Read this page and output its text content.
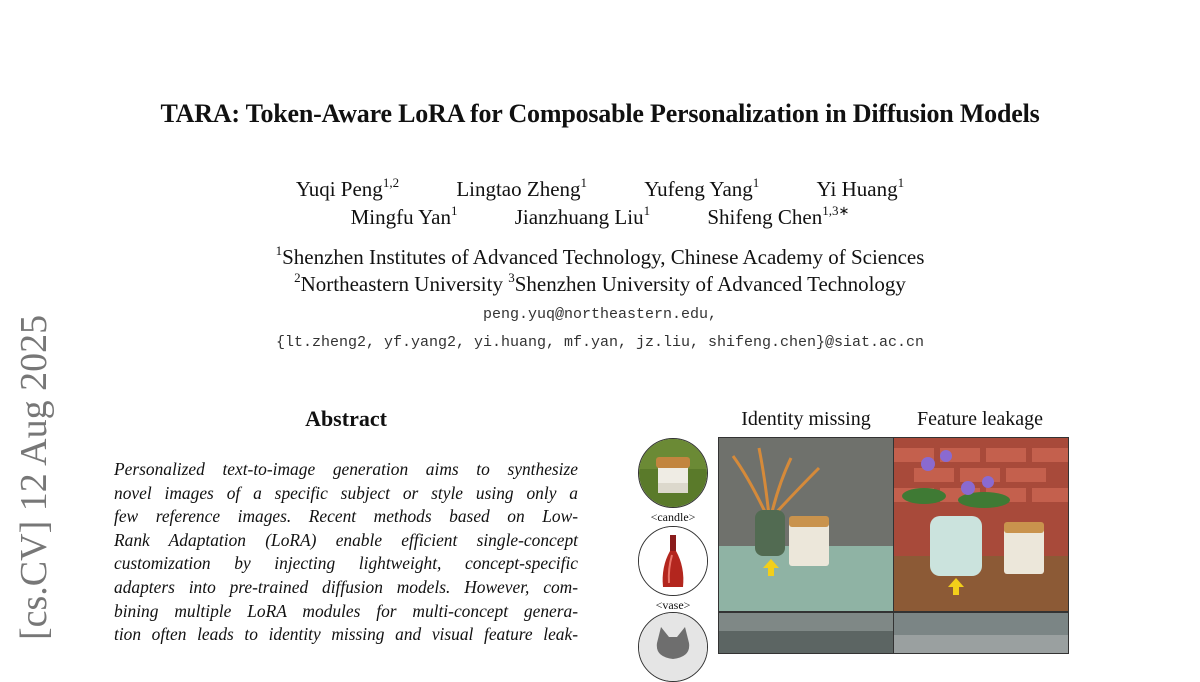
TARA: Token-Aware LoRA for Composable Personalization in Diffusion Models
Yuqi Peng$^{1,2}$	Lingtao Zheng$^1$	Yufeng Yang$^1$	Yi Huang$^1$
Mingfu Yan$^1$	Jianzhuang Liu$^1$	Shifeng Chen$^{1,3∗}$
$^1$Shenzhen Institutes of Advanced Technology, Chinese Academy of Sciences
$^2$Northeastern University $^3$Shenzhen University of Advanced Technology
peng.yuq@northeastern.edu,
{lt.zheng2, yf.yang2, yi.huang, mf.yan, jz.liu, shifeng.chen}@siat.ac.cn
[cs.CV] 12 Aug 2025	Abstract
Personalized text-to-image generation aims to synthesize
novel images of a specific subject or style using only a
few reference images. Recent methods based on Low-
Rank Adaptation (LoRA) enable efficient single-concept
customization by injecting lightweight, concept-specific
adapters into pre-trained diffusion models. However, com-
bining multiple LoRA modules for multi-concept genera-
tion often leads to identity missing and visual feature leak-
Identity missing	Feature leakage
<candle>
<vase>
